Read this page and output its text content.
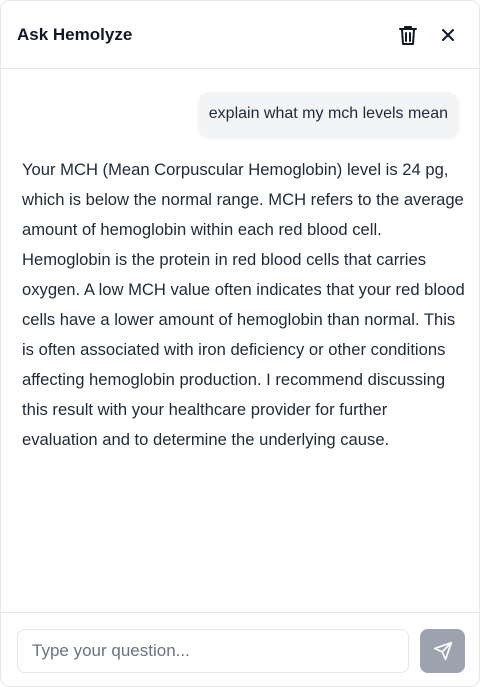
Ask Hemolyze
explain what my mch levels mean
Your MCH (Mean Corpuscular Hemoglobin) level is 24 pg, which is below the normal range. MCH refers to the average amount of hemoglobin within each red blood cell. Hemoglobin is the protein in red blood cells that carries oxygen. A low MCH value often indicates that your red blood cells have a lower amount of hemoglobin than normal. This is often associated with iron deficiency or other conditions affecting hemoglobin production. I recommend discussing this result with your healthcare provider for further evaluation and to determine the underlying cause.
Type your question...
